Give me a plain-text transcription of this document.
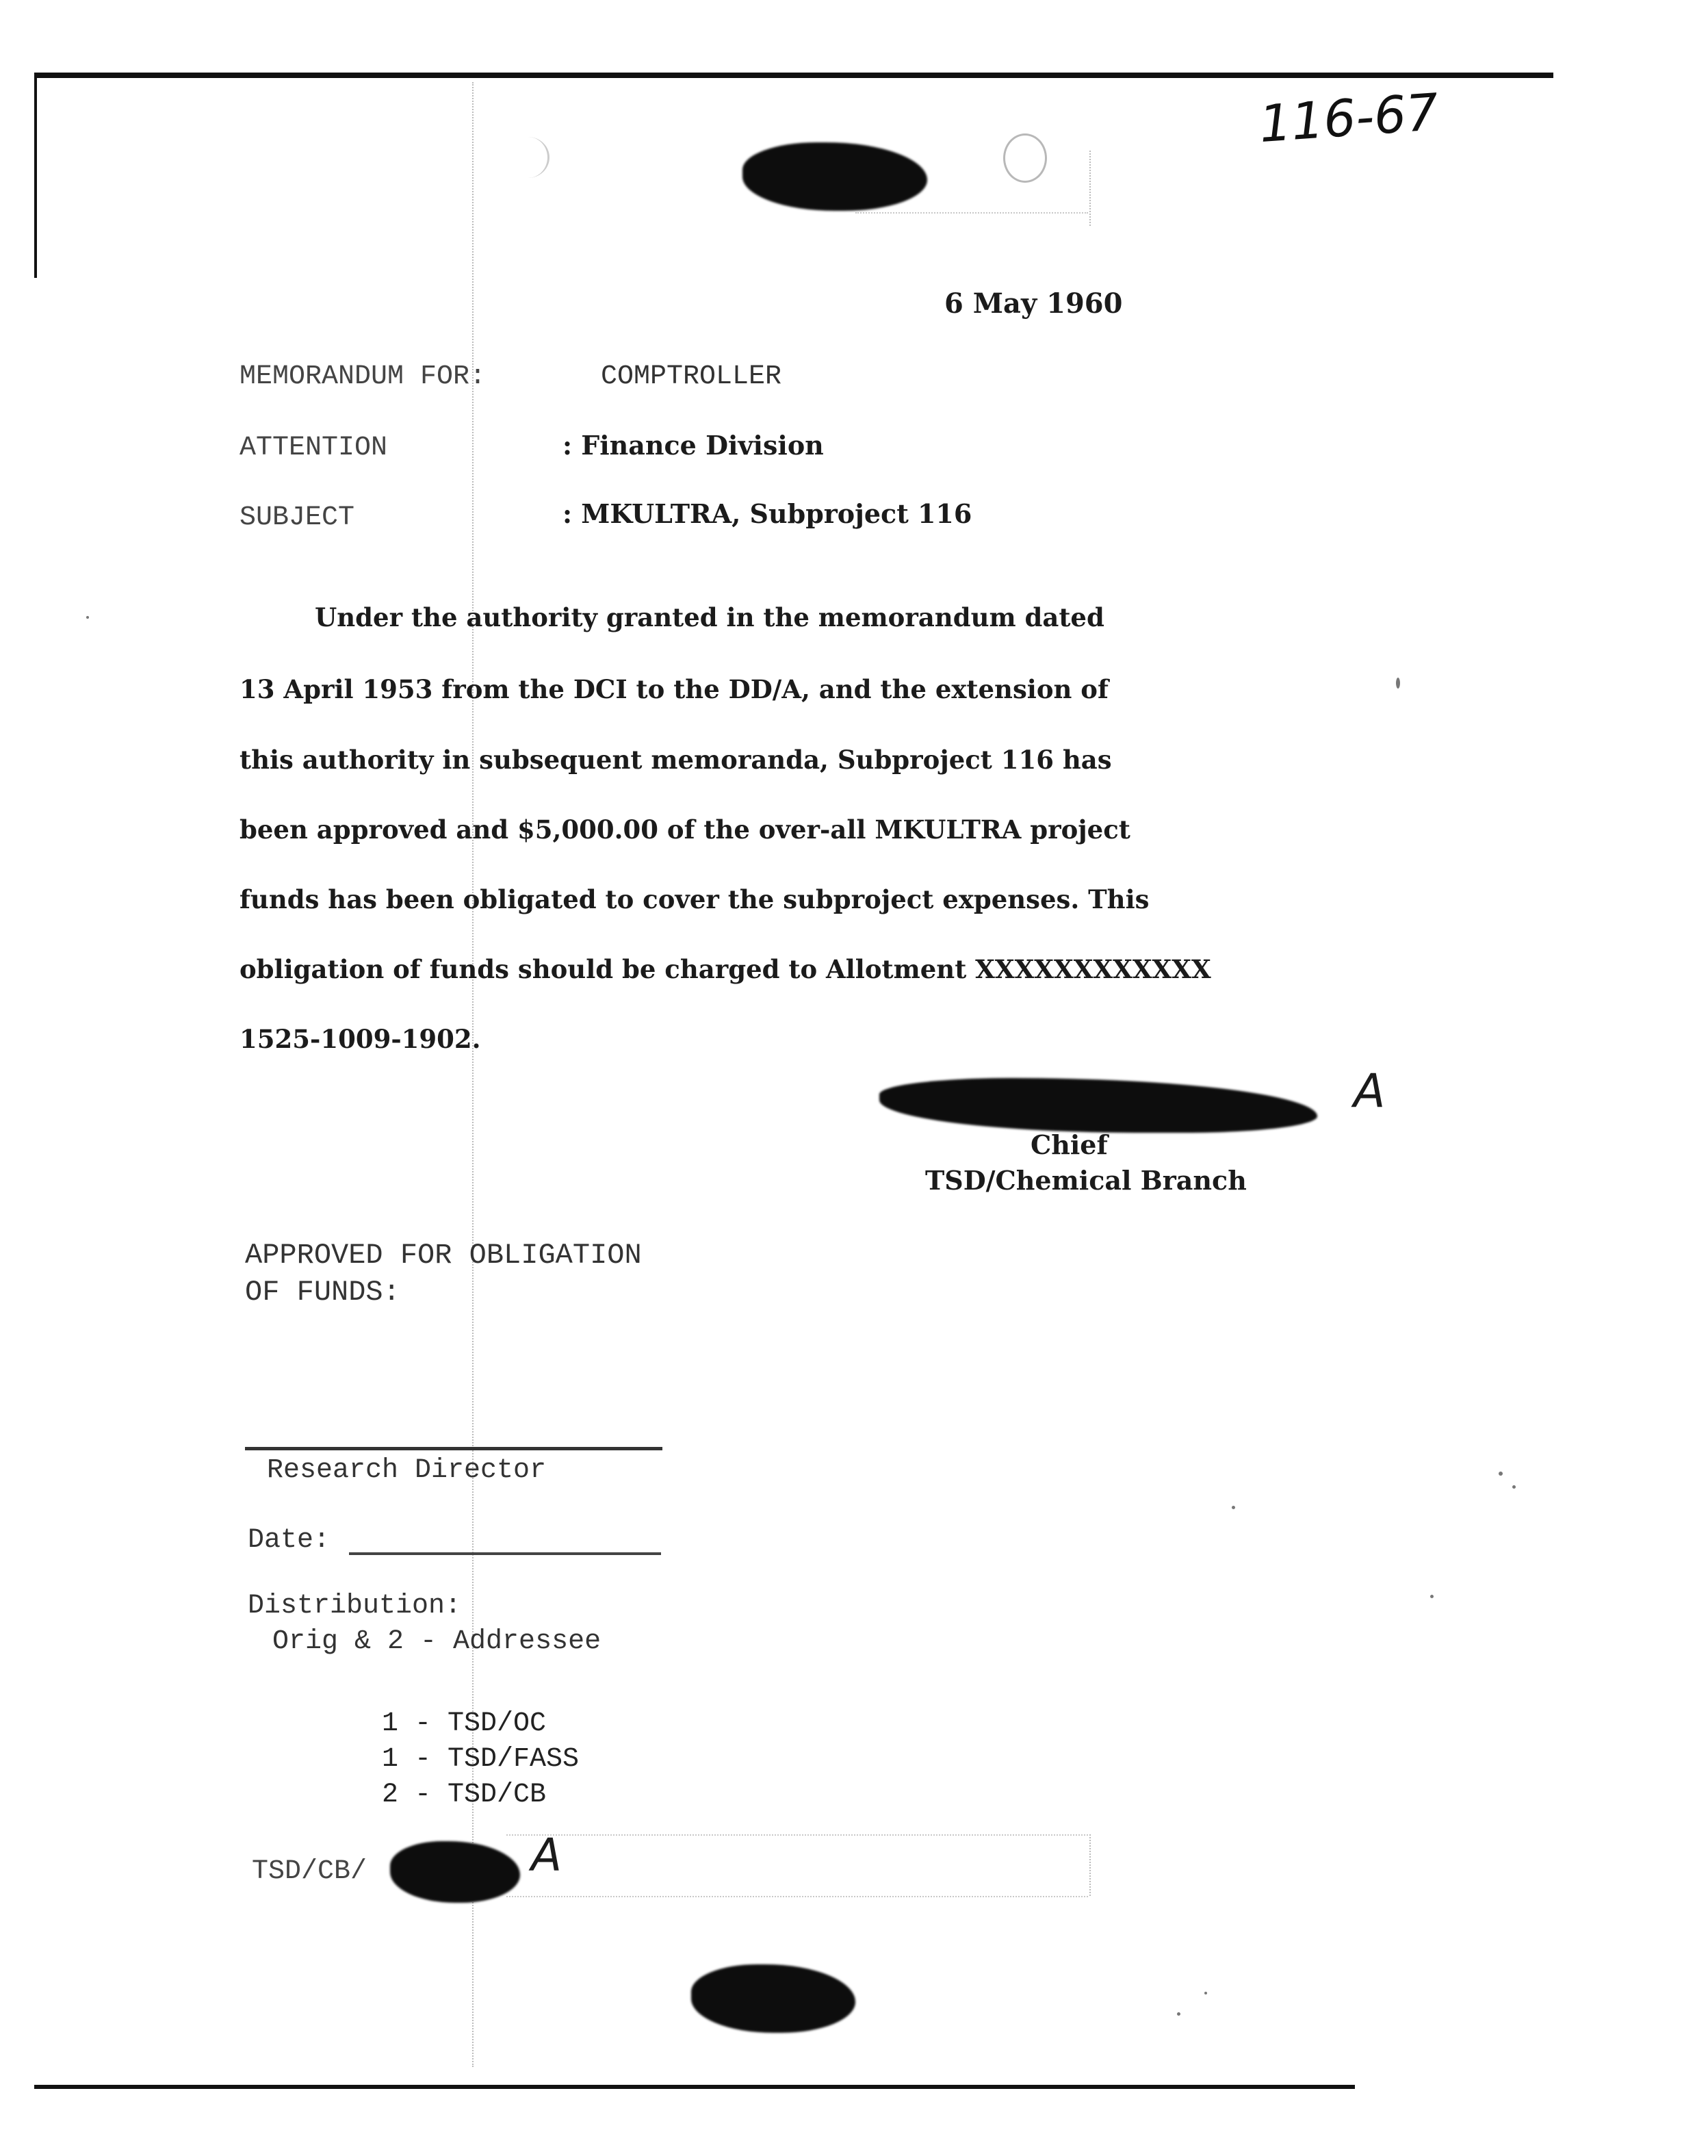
116-67
6 May 1960
MEMORANDUM FOR:	COMPTROLLER
ATTENTION	: Finance Division
SUBJECT	: MKULTRA, Subproject 116
Under the authority granted in the memorandum dated
13 April 1953 from the DCI to the DD/A, and the extension of
this authority in subsequent memoranda, Subproject 116 has
been approved and $5,000.00 of the over-all MKULTRA project
funds has been obligated to cover the subproject expenses. This
obligation of funds should be charged to Allotment XXXXXXXXXXXX
1525-1009-1902.
A
Chief
TSD/Chemical Branch
APPROVED FOR OBLIGATION
OF FUNDS:
Research Director
Date:
Distribution:
Orig & 2 - Addressee
1 - TSD/OC
1 - TSD/FASS
2 - TSD/CB
TSD/CB/	A
